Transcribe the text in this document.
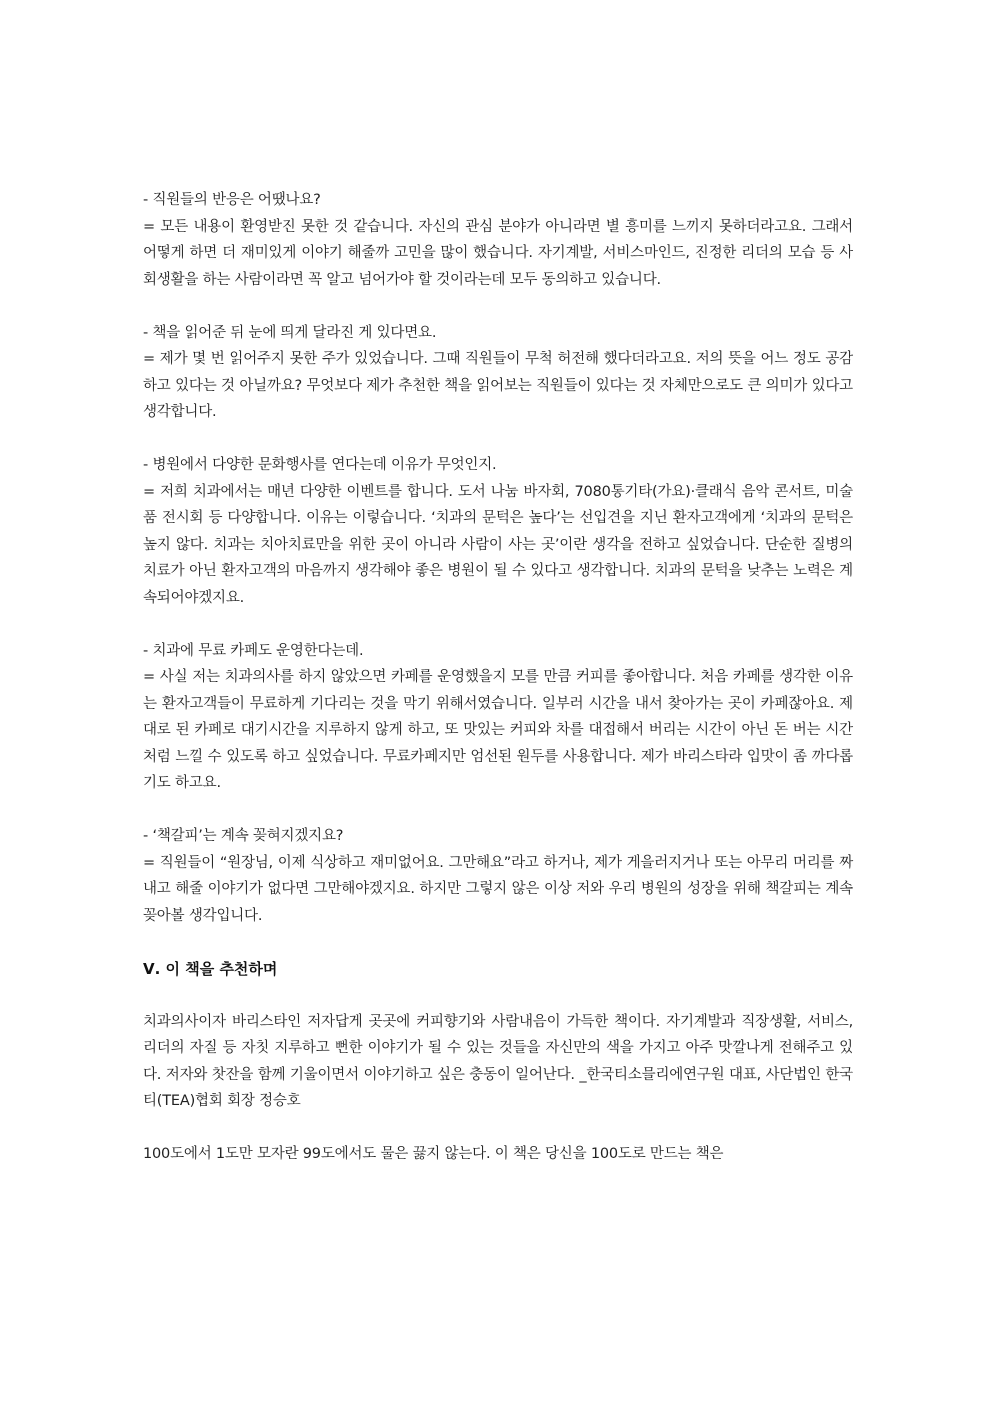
- 직원들의 반응은 어땠나요?

= 모든 내용이 환영받진 못한 것 같습니다. 자신의 관심 분야가 아니라면 별 흥미를 느끼지 못하더라고요. 그래서 어떻게 하면 더 재미있게 이야기 해줄까 고민을 많이 했습니다. 자기계발, 서비스마인드, 진정한 리더의 모습 등 사회생활을 하는 사람이라면 꼭 알고 넘어가야 할 것이라는데 모두 동의하고 있습니다.

- 책을 읽어준 뒤 눈에 띄게 달라진 게 있다면요.

= 제가 몇 번 읽어주지 못한 주가 있었습니다. 그때 직원들이 무척 허전해 했다더라고요. 저의 뜻을 어느 정도 공감하고 있다는 것 아닐까요? 무엇보다 제가 추천한 책을 읽어보는 직원들이 있다는 것 자체만으로도 큰 의미가 있다고 생각합니다.

- 병원에서 다양한 문화행사를 연다는데 이유가 무엇인지.

= 저희 치과에서는 매년 다양한 이벤트를 합니다. 도서 나눔 바자회, 7080통기타(가요)·클래식 음악 콘서트, 미술품 전시회 등 다양합니다. 이유는 이렇습니다. ‘치과의 문턱은 높다’는 선입견을 지닌 환자고객에게 ‘치과의 문턱은 높지 않다. 치과는 치아치료만을 위한 곳이 아니라 사람이 사는 곳’이란 생각을 전하고 싶었습니다. 단순한 질병의 치료가 아닌 환자고객의 마음까지 생각해야 좋은 병원이 될 수 있다고 생각합니다. 치과의 문턱을 낮추는 노력은 계속되어야겠지요.

- 치과에 무료 카페도 운영한다는데.

= 사실 저는 치과의사를 하지 않았으면 카페를 운영했을지 모를 만큼 커피를 좋아합니다. 처음 카페를 생각한 이유는 환자고객들이 무료하게 기다리는 것을 막기 위해서였습니다. 일부러 시간을 내서 찾아가는 곳이 카페잖아요. 제대로 된 카페로 대기시간을 지루하지 않게 하고, 또 맛있는 커피와 차를 대접해서 버리는 시간이 아닌 돈 버는 시간처럼 느낄 수 있도록 하고 싶었습니다. 무료카페지만 엄선된 원두를 사용합니다. 제가 바리스타라 입맛이 좀 까다롭기도 하고요.

- ‘책갈피’는 계속 꽂혀지겠지요?

= 직원들이 “원장님, 이제 식상하고 재미없어요. 그만해요”라고 하거나, 제가 게을러지거나 또는 아무리 머리를 짜내고 해줄 이야기가 없다면 그만해야겠지요. 하지만 그렇지 않은 이상 저와 우리 병원의 성장을 위해 책갈피는 계속 꽂아볼 생각입니다.

Ⅴ. 이 책을 추천하며

치과의사이자 바리스타인 저자답게 곳곳에 커피향기와 사람내음이 가득한 책이다. 자기계발과 직장생활, 서비스, 리더의 자질 등 자칫 지루하고 뻔한 이야기가 될 수 있는 것들을 자신만의 색을 가지고 아주 맛깔나게 전해주고 있다. 저자와 찻잔을 함께 기울이면서 이야기하고 싶은 충동이 일어난다. _한국티소믈리에연구원 대표, 사단법인 한국티(TEA)협회 회장 정승호

100도에서 1도만 모자란 99도에서도 물은 끓지 않는다. 이 책은 당신을 100도로 만드는 책은
